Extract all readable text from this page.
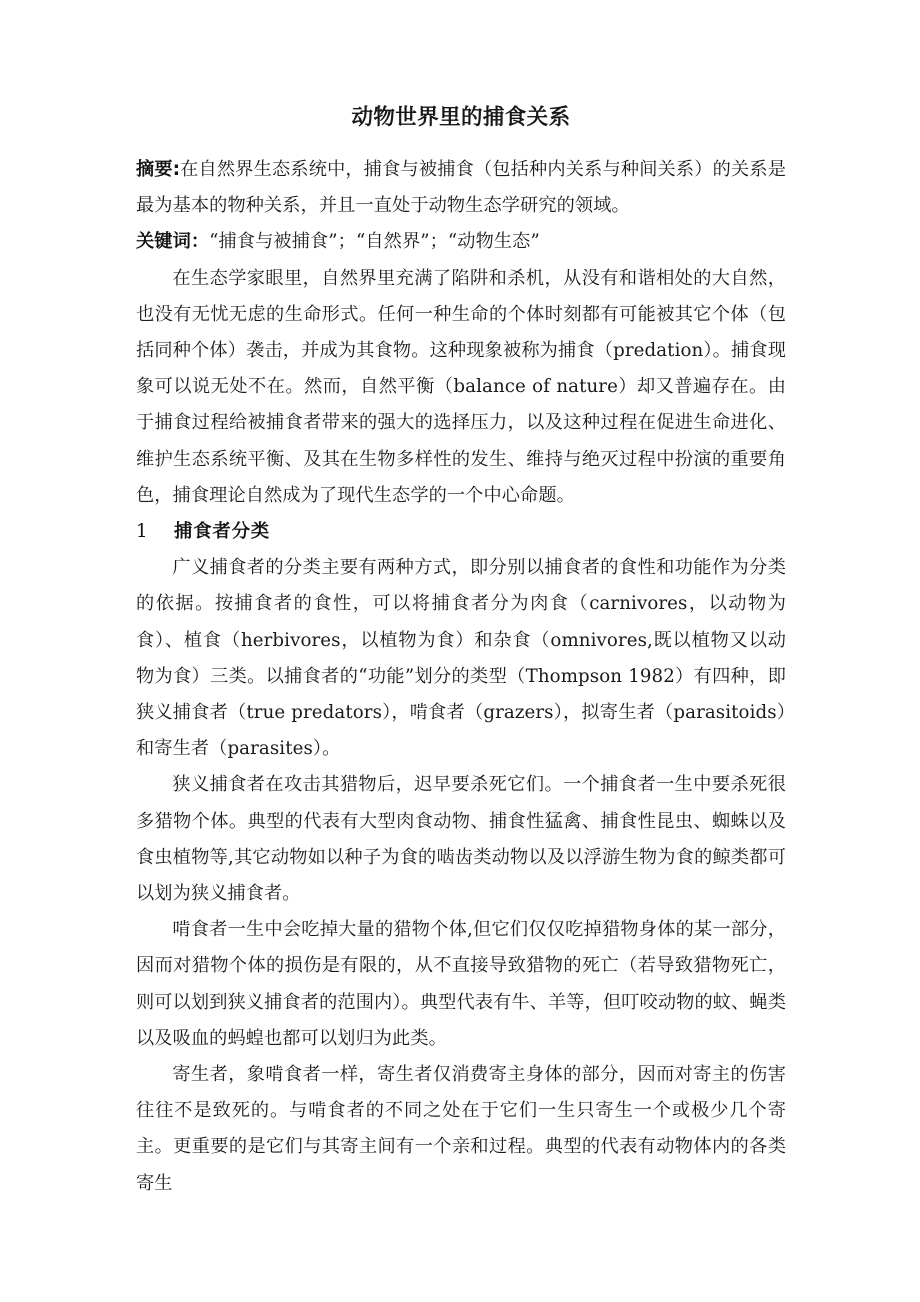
动物世界里的捕食关系

摘要:在自然界生态系统中，捕食与被捕食（包括种内关系与种间关系）的关系是最为基本的物种关系，并且一直处于动物生态学研究的领域。

关键词：“捕食与被捕食”；“自然界”；“动物生态”

在生态学家眼里，自然界里充满了陷阱和杀机，从没有和谐相处的大自然，也没有无忧无虑的生命形式。任何一种生命的个体时刻都有可能被其它个体（包括同种个体）袭击，并成为其食物。这种现象被称为捕食（predation）。捕食现象可以说无处不在。然而，自然平衡（balance of nature）却又普遍存在。由于捕食过程给被捕食者带来的强大的选择压力，以及这种过程在促进生命进化、维护生态系统平衡、及其在生物多样性的发生、维持与绝灭过程中扮演的重要角色，捕食理论自然成为了现代生态学的一个中心命题。

1	捕食者分类

广义捕食者的分类主要有两种方式，即分别以捕食者的食性和功能作为分类的依据。按捕食者的食性，可以将捕食者分为肉食（carnivores，以动物为食）、植食（herbivores，以植物为食）和杂食（omnivores,既以植物又以动物为食）三类。以捕食者的“功能”划分的类型（Thompson 1982）有四种，即狭义捕食者（true predators），啃食者（grazers），拟寄生者（parasitoids）和寄生者（parasites）。

狭义捕食者在攻击其猎物后，迟早要杀死它们。一个捕食者一生中要杀死很多猎物个体。典型的代表有大型肉食动物、捕食性猛禽、捕食性昆虫、蜘蛛以及食虫植物等,其它动物如以种子为食的啮齿类动物以及以浮游生物为食的鲸类都可以划为狭义捕食者。

啃食者一生中会吃掉大量的猎物个体,但它们仅仅吃掉猎物身体的某一部分，因而对猎物个体的损伤是有限的，从不直接导致猎物的死亡（若导致猎物死亡，则可以划到狭义捕食者的范围内）。典型代表有牛、羊等，但叮咬动物的蚊、蝇类以及吸血的蚂蝗也都可以划归为此类。

寄生者，象啃食者一样，寄生者仅消费寄主身体的部分，因而对寄主的伤害往往不是致死的。与啃食者的不同之处在于它们一生只寄生一个或极少几个寄主。更重要的是它们与其寄主间有一个亲和过程。典型的代表有动物体内的各类寄生
